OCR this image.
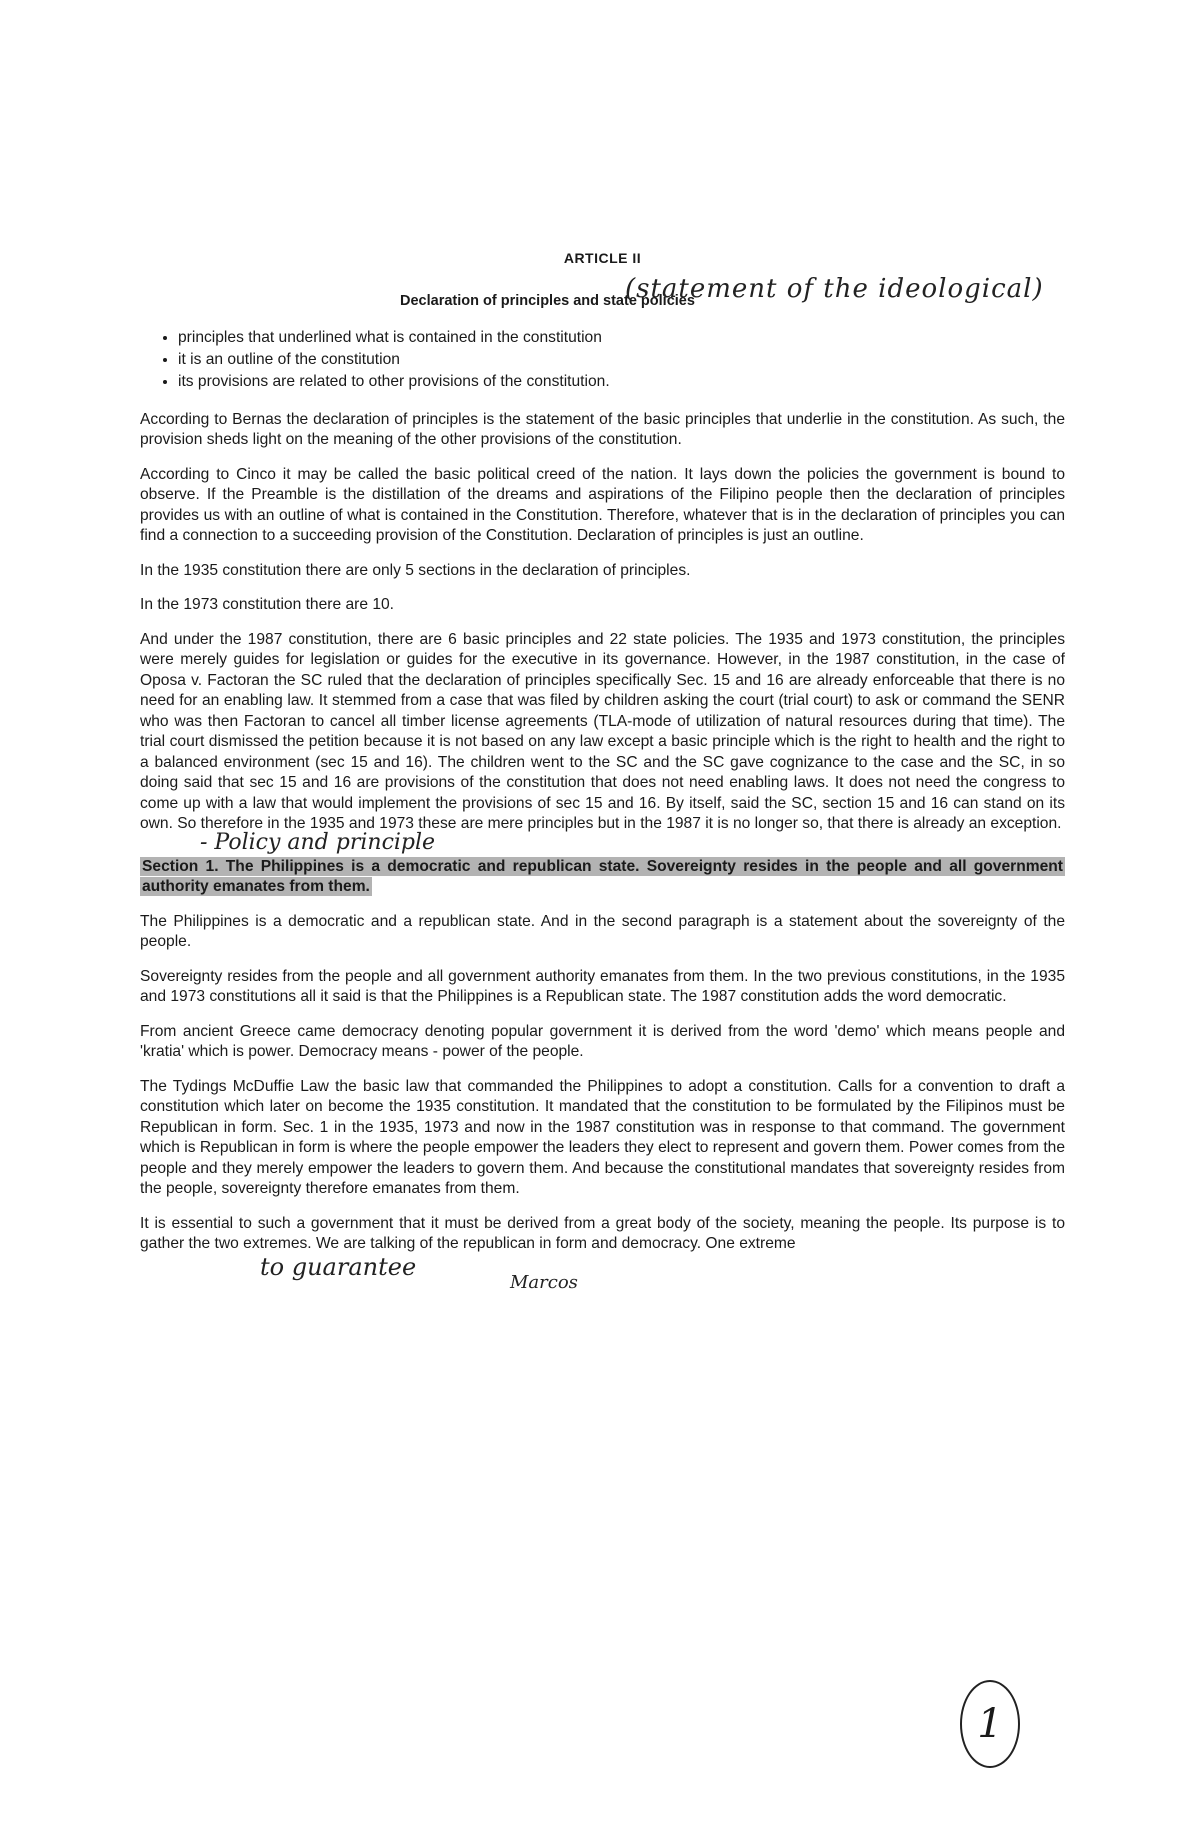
ARTICLE II
Declaration of principles and state policies
(statement of the ideological)
• principles that underlined what is contained in the constitution
• it is an outline of the constitution
• its provisions are related to other provisions of the constitution.

According to Bernas the declaration of principles is the statement of the basic principles that underlie in the constitution. As such, the provision sheds light on the meaning of the other provisions of the constitution.

According to Cinco it may be called the basic political creed of the nation. It lays down the policies the government is bound to observe. If the Preamble is the distillation of the dreams and aspirations of the Filipino people then the declaration of principles provides us with an outline of what is contained in the Constitution. Therefore, whatever that is in the declaration of principles you can find a connection to a succeeding provision of the Constitution. Declaration of principles is just an outline.

In the 1935 constitution there are only 5 sections in the declaration of principles.

In the 1973 constitution there are 10.

And under the 1987 constitution, there are 6 basic principles and 22 state policies. The 1935 and 1973 constitution, the principles were merely guides for legislation or guides for the executive in its governance. However, in the 1987 constitution, in the case of Oposa v. Factoran the SC ruled that the declaration of principles specifically Sec. 15 and 16 are already enforceable that there is no need for an enabling law. It stemmed from a case that was filed by children asking the court (trial court) to ask or command the SENR who was then Factoran to cancel all timber license agreements (TLA-mode of utilization of natural resources during that time). The trial court dismissed the petition because it is not based on any law except a basic principle which is the right to health and the right to a balanced environment (sec 15 and 16). The children went to the SC and the SC gave cognizance to the case and the SC, in so doing said that sec 15 and 16 are provisions of the constitution that does not need enabling laws. It does not need the congress to come up with a law that would implement the provisions of sec 15 and 16. By itself, said the SC, section 15 and 16 can stand on its own. So therefore in the 1935 and 1973 these are mere principles but in the 1987 it is no longer so, that there is already an exception.

- Policy and principle

Section 1. The Philippines is a democratic and republican state. Sovereignty resides in the people and all government authority emanates from them.

The Philippines is a democratic and a republican state. And in the second paragraph is a statement about the sovereignty of the people.

Sovereignty resides from the people and all government authority emanates from them. In the two previous constitutions, in the 1935 and 1973 constitutions all it said is that the Philippines is a Republican state. The 1987 constitution adds the word democratic.

From ancient Greece came democracy denoting popular government it is derived from the word 'demo' which means people and 'kratia' which is power. Democracy means - power of the people.

The Tydings McDuffie Law the basic law that commanded the Philippines to adopt a constitution. Calls for a convention to draft a constitution which later on become the 1935 constitution. It mandated that the constitution to be formulated by the Filipinos must be Republican in form. Sec. 1 in the 1935, 1973 and now in the 1987 constitution was in response to that command. The government which is Republican in form is where the people empower the leaders they elect to represent and govern them. Power comes from the people and they merely empower the leaders to govern them. And because the constitutional mandates that sovereignty resides from the people, sovereignty therefore emanates from them.

It is essential to such a government that it must be derived from a great body of the society, meaning the people. Its purpose is to gather the two extremes. We are talking of the republican in form and democracy. One extreme

to guarantee
Marcos
1
